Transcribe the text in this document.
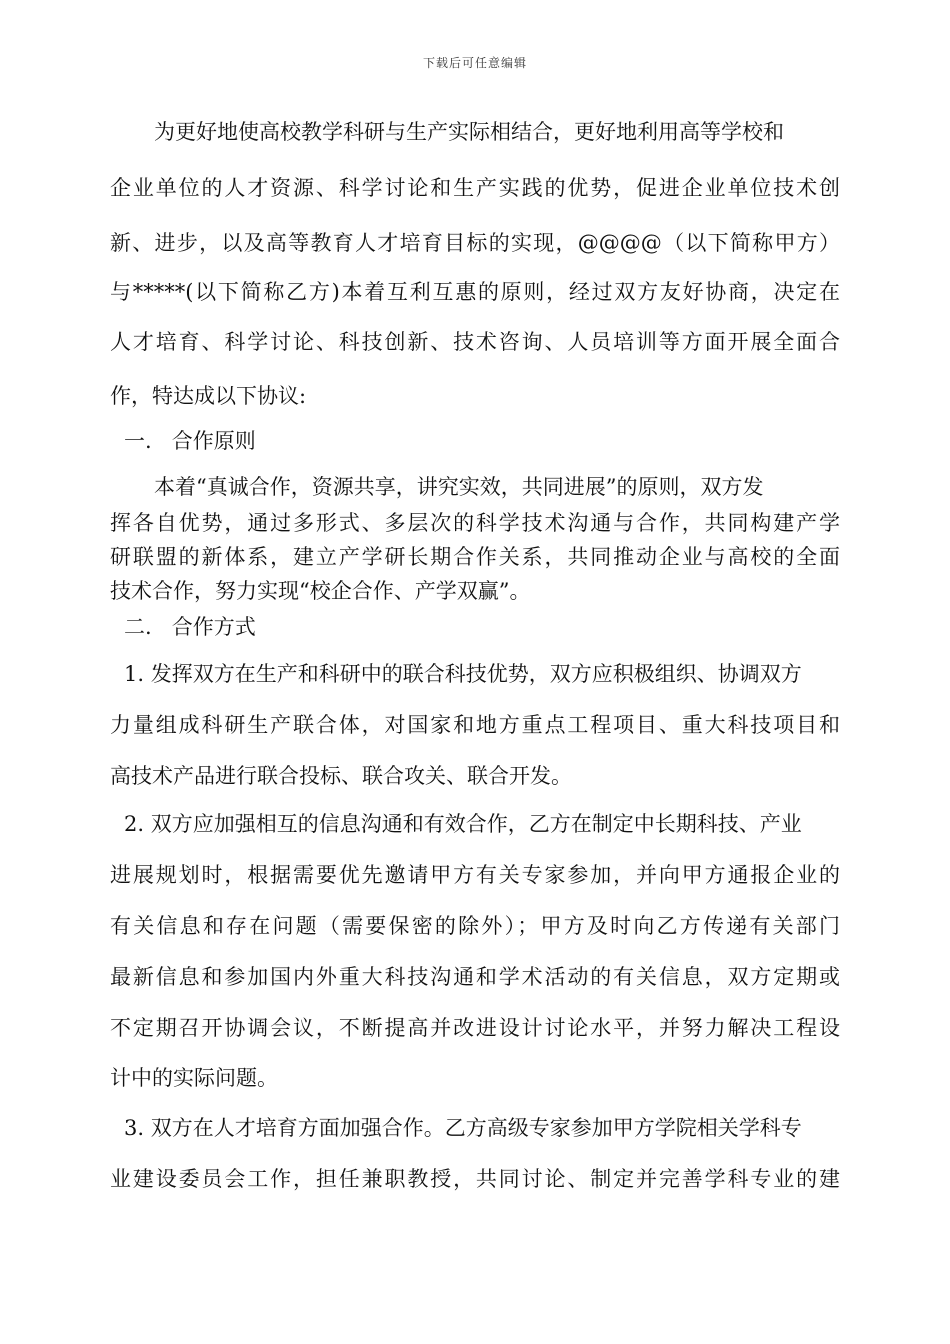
下载后可任意编辑
为更好地使高校教学科研与生产实际相结合，更好地利用高等学校和
企业单位的人才资源、科学讨论和生产实践的优势，促进企业单位技术创
新、进步，以及高等教育人才培育目标的实现，@@@@（以下简称甲方）
与*****(以下简称乙方)本着互利互惠的原则，经过双方友好协商，决定在
人才培育、科学讨论、科技创新、技术咨询、人员培训等方面开展全面合
作，特达成以下协议:
一.   合作原则
本着“真诚合作，资源共享，讲究实效，共同进展”的原则，双方发
挥各自优势，通过多形式、多层次的科学技术沟通与合作，共同构建产学
研联盟的新体系，建立产学研长期合作关系，共同推动企业与高校的全面
技术合作，努力实现“校企合作、产学双赢”。
二.   合作方式
1. 发挥双方在生产和科研中的联合科技优势，双方应积极组织、协调双方
力量组成科研生产联合体，对国家和地方重点工程项目、重大科技项目和
高技术产品进行联合投标、联合攻关、联合开发。
2. 双方应加强相互的信息沟通和有效合作，乙方在制定中长期科技、产业
进展规划时，根据需要优先邀请甲方有关专家参加，并向甲方通报企业的
有关信息和存在问题（需要保密的除外）；甲方及时向乙方传递有关部门
最新信息和参加国内外重大科技沟通和学术活动的有关信息，双方定期或
不定期召开协调会议，不断提高并改进设计讨论水平，并努力解决工程设
计中的实际问题。
3. 双方在人才培育方面加强合作。乙方高级专家参加甲方学院相关学科专
业建设委员会工作，担任兼职教授，共同讨论、制定并完善学科专业的建
